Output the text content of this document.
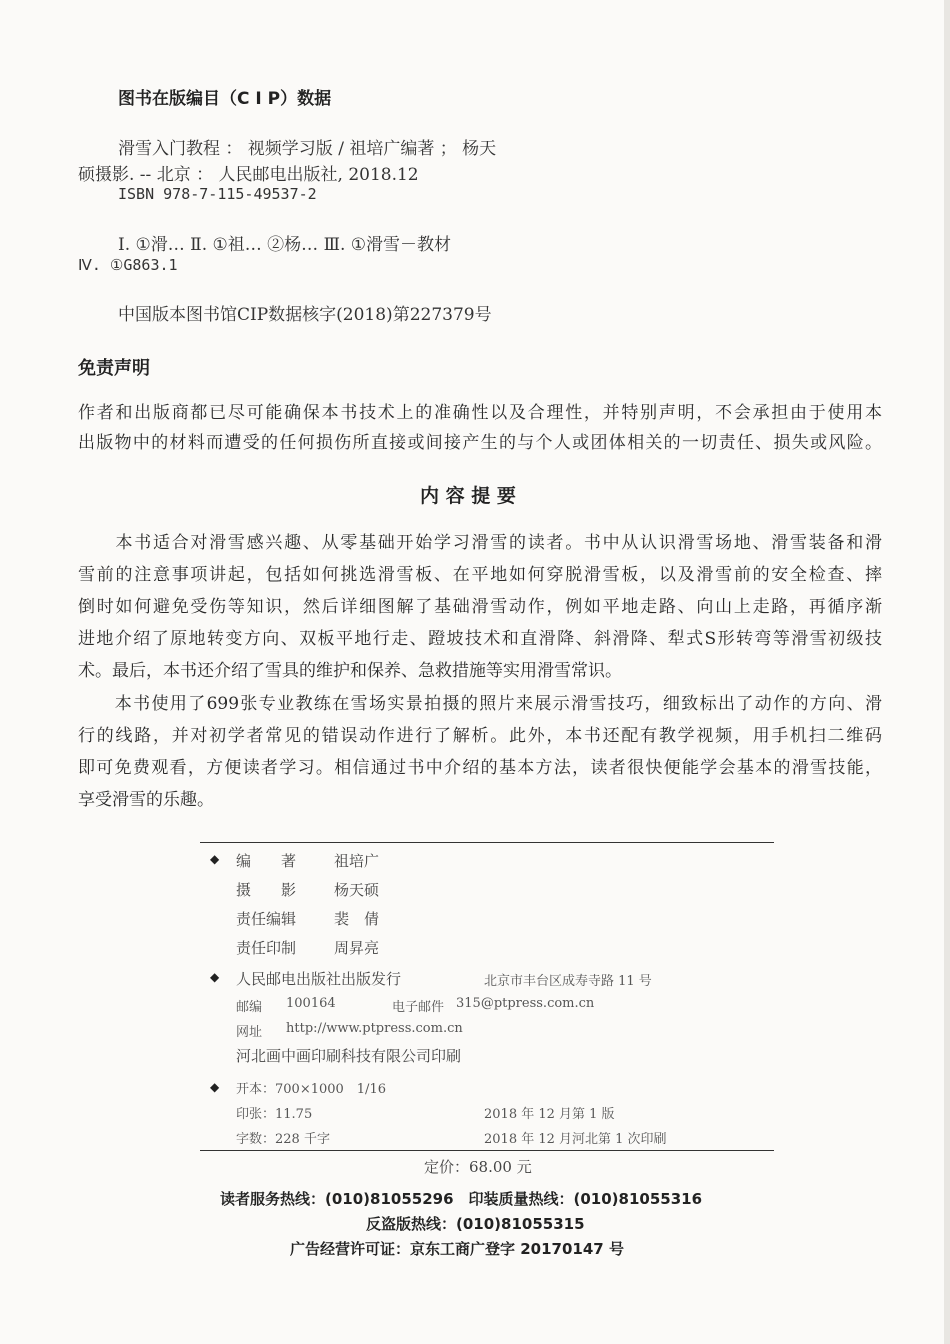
图书在版编目（C I P）数据
滑雪入门教程 ： 视频学习版 / 祖培广编著 ； 杨天
硕摄影. -- 北京 ： 人民邮电出版社, 2018.12
ISBN 978-7-115-49537-2
Ⅰ. ①滑… Ⅱ. ①祖… ②杨… Ⅲ. ①滑雪－教材
Ⅳ. ①G863.1
中国版本图书馆CIP数据核字(2018)第227379号
免责声明
作者和出版商都已尽可能确保本书技术上的准确性以及合理性，并特别声明，不会承担由于使用本
出版物中的材料而遭受的任何损伤所直接或间接产生的与个人或团体相关的一切责任、损失或风险。
内 容 提 要
　　本书适合对滑雪感兴趣、从零基础开始学习滑雪的读者。书中从认识滑雪场地、滑雪装备和滑
雪前的注意事项讲起，包括如何挑选滑雪板、在平地如何穿脱滑雪板，以及滑雪前的安全检查、摔
倒时如何避免受伤等知识，然后详细图解了基础滑雪动作，例如平地走路、向山上走路，再循序渐
进地介绍了原地转变方向、双板平地行走、蹬坡技术和直滑降、斜滑降、犁式S形转弯等滑雪初级技
术。最后，本书还介绍了雪具的维护和保养、急救措施等实用滑雪常识。
　　本书使用了699张专业教练在雪场实景拍摄的照片来展示滑雪技巧，细致标出了动作的方向、滑
行的线路，并对初学者常见的错误动作进行了解析。此外，本书还配有教学视频，用手机扫二维码
即可免费观看，方便读者学习。相信通过书中介绍的基本方法，读者很快便能学会基本的滑雪技能，
享受滑雪的乐趣。
◆ 编　　著	祖培广
摄　　影	杨天硕
责任编辑	裴　倩
责任印制	周昇亮
◆ 人民邮电出版社出版发行	北京市丰台区成寿寺路 11 号
邮编 100164	电子邮件 315@ptpress.com.cn
网址 http://www.ptpress.com.cn
河北画中画印刷科技有限公司印刷
◆ 开本：700×1000　1/16
印张：11.75	2018 年 12 月第 1 版
字数：228 千字	2018 年 12 月河北第 1 次印刷
定价：68.00 元
读者服务热线：(010)81055296　印装质量热线：(010)81055316
反盗版热线：(010)81055315
广告经营许可证：京东工商广登字 20170147 号
